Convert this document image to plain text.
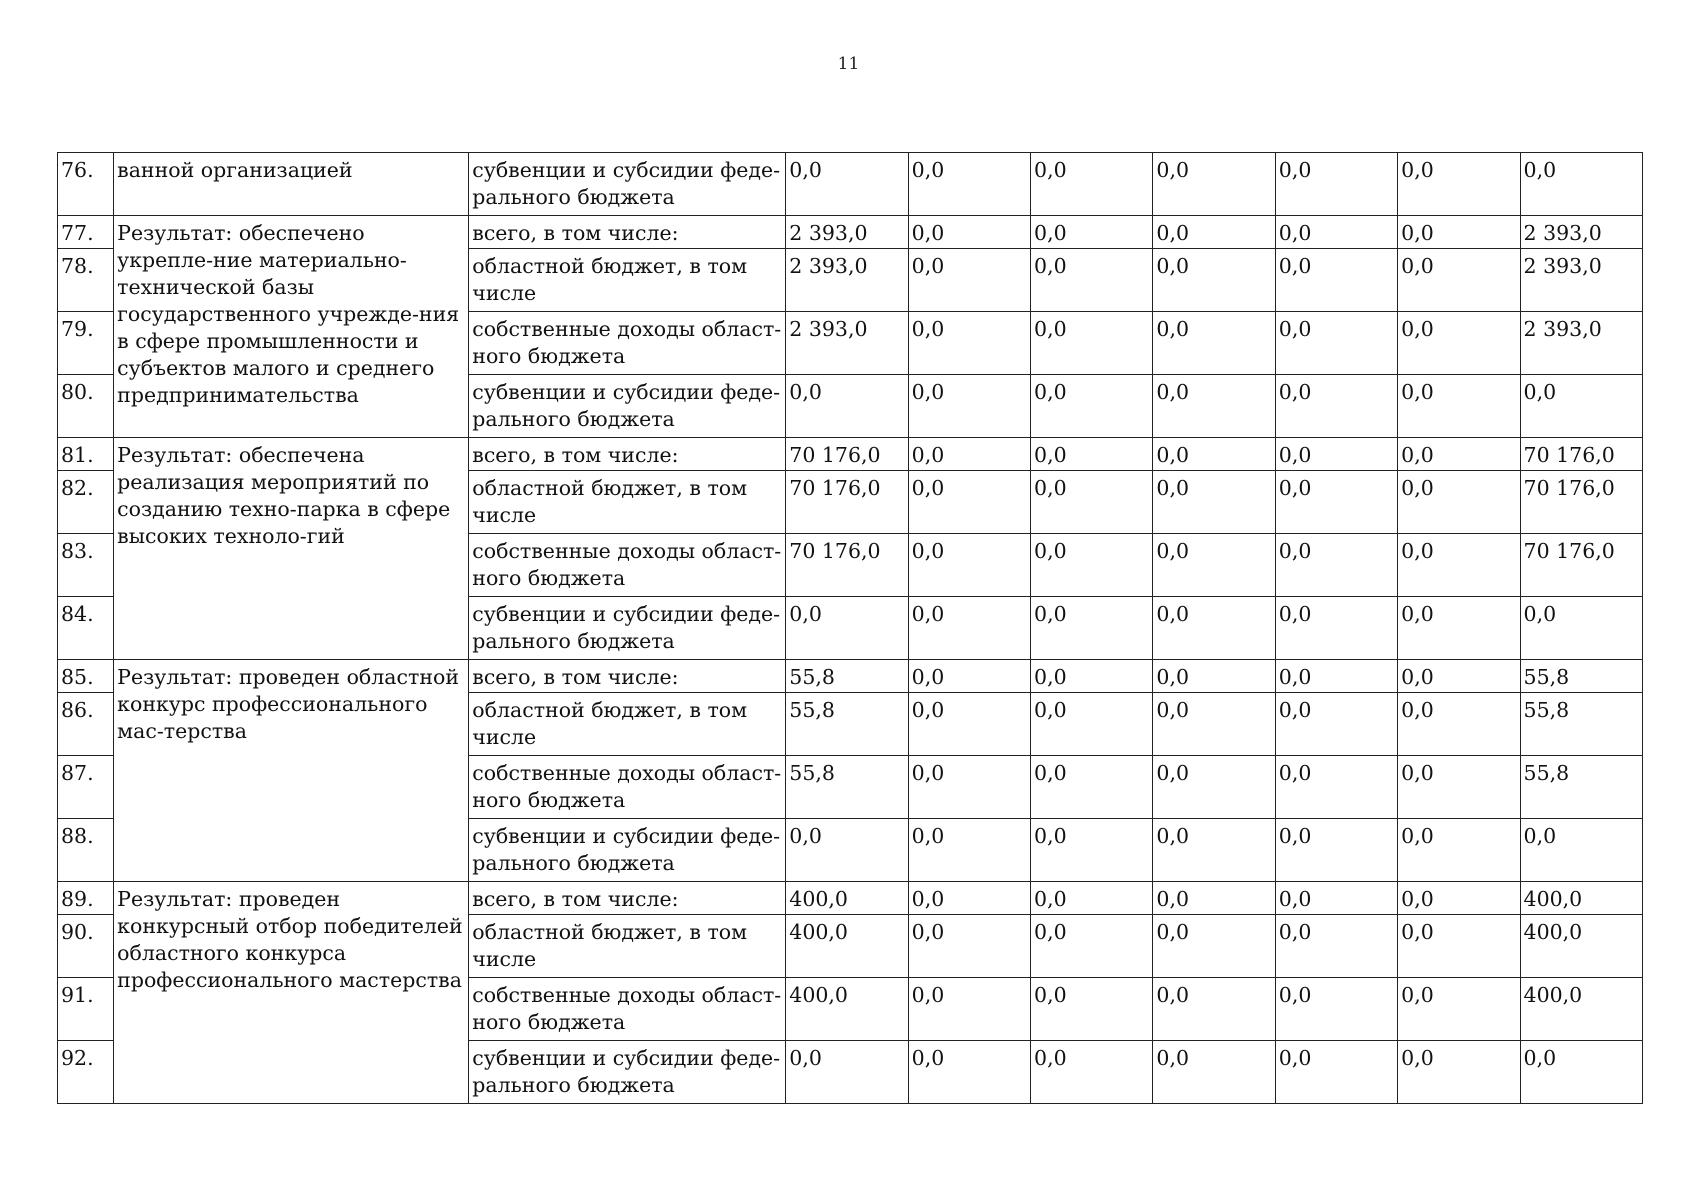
11
76.	ванной организацией	субвенции и субсидии феде-рального бюджета	0,0	0,0	0,0	0,0	0,0	0,0	0,0
77.	Результат: обеспечено укрепле-ние материально-технической базы государственного учрежде-ния в сфере промышленности и субъектов малого и среднего предпринимательства	всего, в том числе:	2 393,0	0,0	0,0	0,0	0,0	0,0	2 393,0
78.		областной бюджет, в том числе	2 393,0	0,0	0,0	0,0	0,0	0,0	2 393,0
79.		собственные доходы област-ного бюджета	2 393,0	0,0	0,0	0,0	0,0	0,0	2 393,0
80.		субвенции и субсидии феде-рального бюджета	0,0	0,0	0,0	0,0	0,0	0,0	0,0
81.	Результат: обеспечена реализация мероприятий по созданию техно-парка в сфере высоких техноло-гий	всего, в том числе:	70 176,0	0,0	0,0	0,0	0,0	0,0	70 176,0
82.		областной бюджет, в том числе	70 176,0	0,0	0,0	0,0	0,0	0,0	70 176,0
83.		собственные доходы област-ного бюджета	70 176,0	0,0	0,0	0,0	0,0	0,0	70 176,0
84.		субвенции и субсидии феде-рального бюджета	0,0	0,0	0,0	0,0	0,0	0,0	0,0
85.	Результат: проведен областной конкурс профессионального мас-терства	всего, в том числе:	55,8	0,0	0,0	0,0	0,0	0,0	55,8
86.		областной бюджет, в том числе	55,8	0,0	0,0	0,0	0,0	0,0	55,8
87.		собственные доходы област-ного бюджета	55,8	0,0	0,0	0,0	0,0	0,0	55,8
88.		субвенции и субсидии феде-рального бюджета	0,0	0,0	0,0	0,0	0,0	0,0	0,0
89.	Результат: проведен конкурсный отбор победителей областного конкурса профессионального мастерства	всего, в том числе:	400,0	0,0	0,0	0,0	0,0	0,0	400,0
90.		областной бюджет, в том числе	400,0	0,0	0,0	0,0	0,0	0,0	400,0
91.		собственные доходы област-ного бюджета	400,0	0,0	0,0	0,0	0,0	0,0	400,0
92.		субвенции и субсидии феде-рального бюджета	0,0	0,0	0,0	0,0	0,0	0,0	0,0
